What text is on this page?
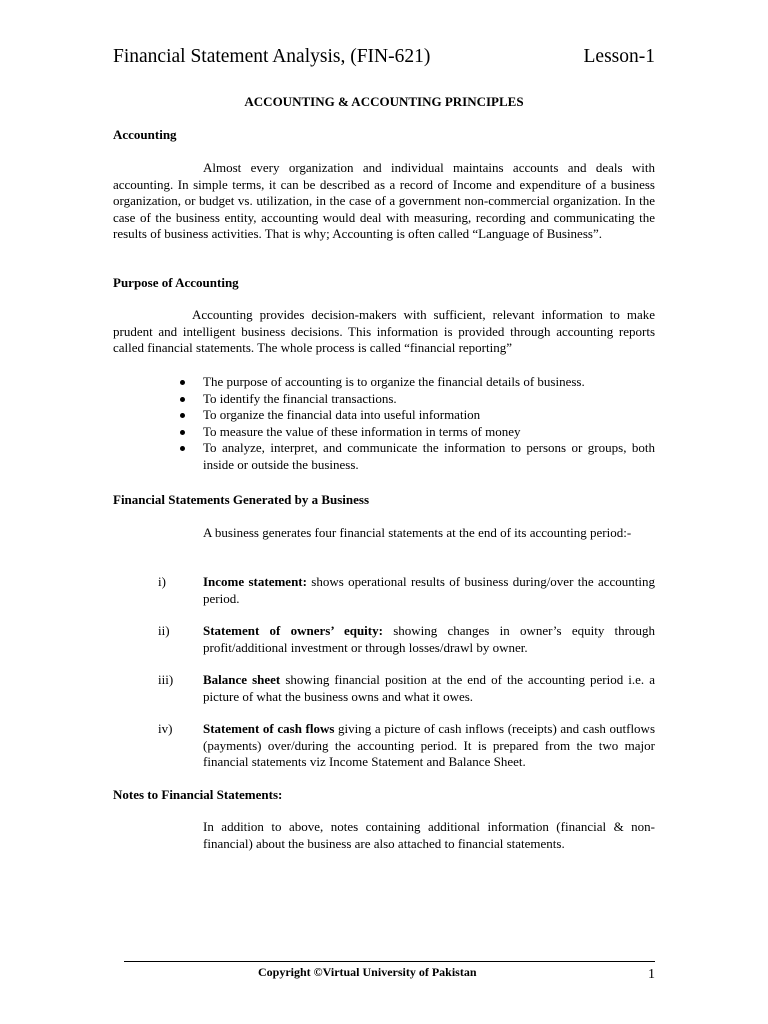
Financial Statement Analysis, (FIN-621)	Lesson-1
ACCOUNTING & ACCOUNTING PRINCIPLES
Accounting
Almost every organization and individual maintains accounts and deals with accounting. In simple terms, it can be described as a record of Income and expenditure of a business organization, or budget vs. utilization, in the case of a government non-commercial organization. In the case of the business entity, accounting would deal with measuring, recording and communicating the results of business activities. That is why; Accounting is often called “Language of Business”.
Purpose of Accounting
Accounting provides decision-makers with sufficient, relevant information to make prudent and intelligent business decisions. This information is provided through accounting reports called financial statements. The whole process is called “financial reporting”
The purpose of accounting is to organize the financial details of business.
To identify the financial transactions.
To organize the financial data into useful information
To measure the value of these information in terms of money
To analyze, interpret, and communicate the information to persons or groups, both inside or outside the business.
Financial Statements Generated by a Business
A business generates four financial statements at the end of its accounting period:-
i)	Income statement: shows operational results of business during/over the accounting period.
ii)	Statement of owners’ equity: showing changes in owner’s equity through profit/additional investment or through losses/drawl by owner.
iii) Balance sheet showing financial position at the end of the accounting period i.e. a picture of what the business owns and what it owes.
iv) Statement of cash flows giving a picture of cash inflows (receipts) and cash outflows (payments) over/during the accounting period. It is prepared from the two major financial statements viz Income Statement and Balance Sheet.
Notes to Financial Statements:
In addition to above, notes containing additional information (financial & non-financial) about the business are also attached to financial statements.
Copyright ©Virtual University of Pakistan	1
